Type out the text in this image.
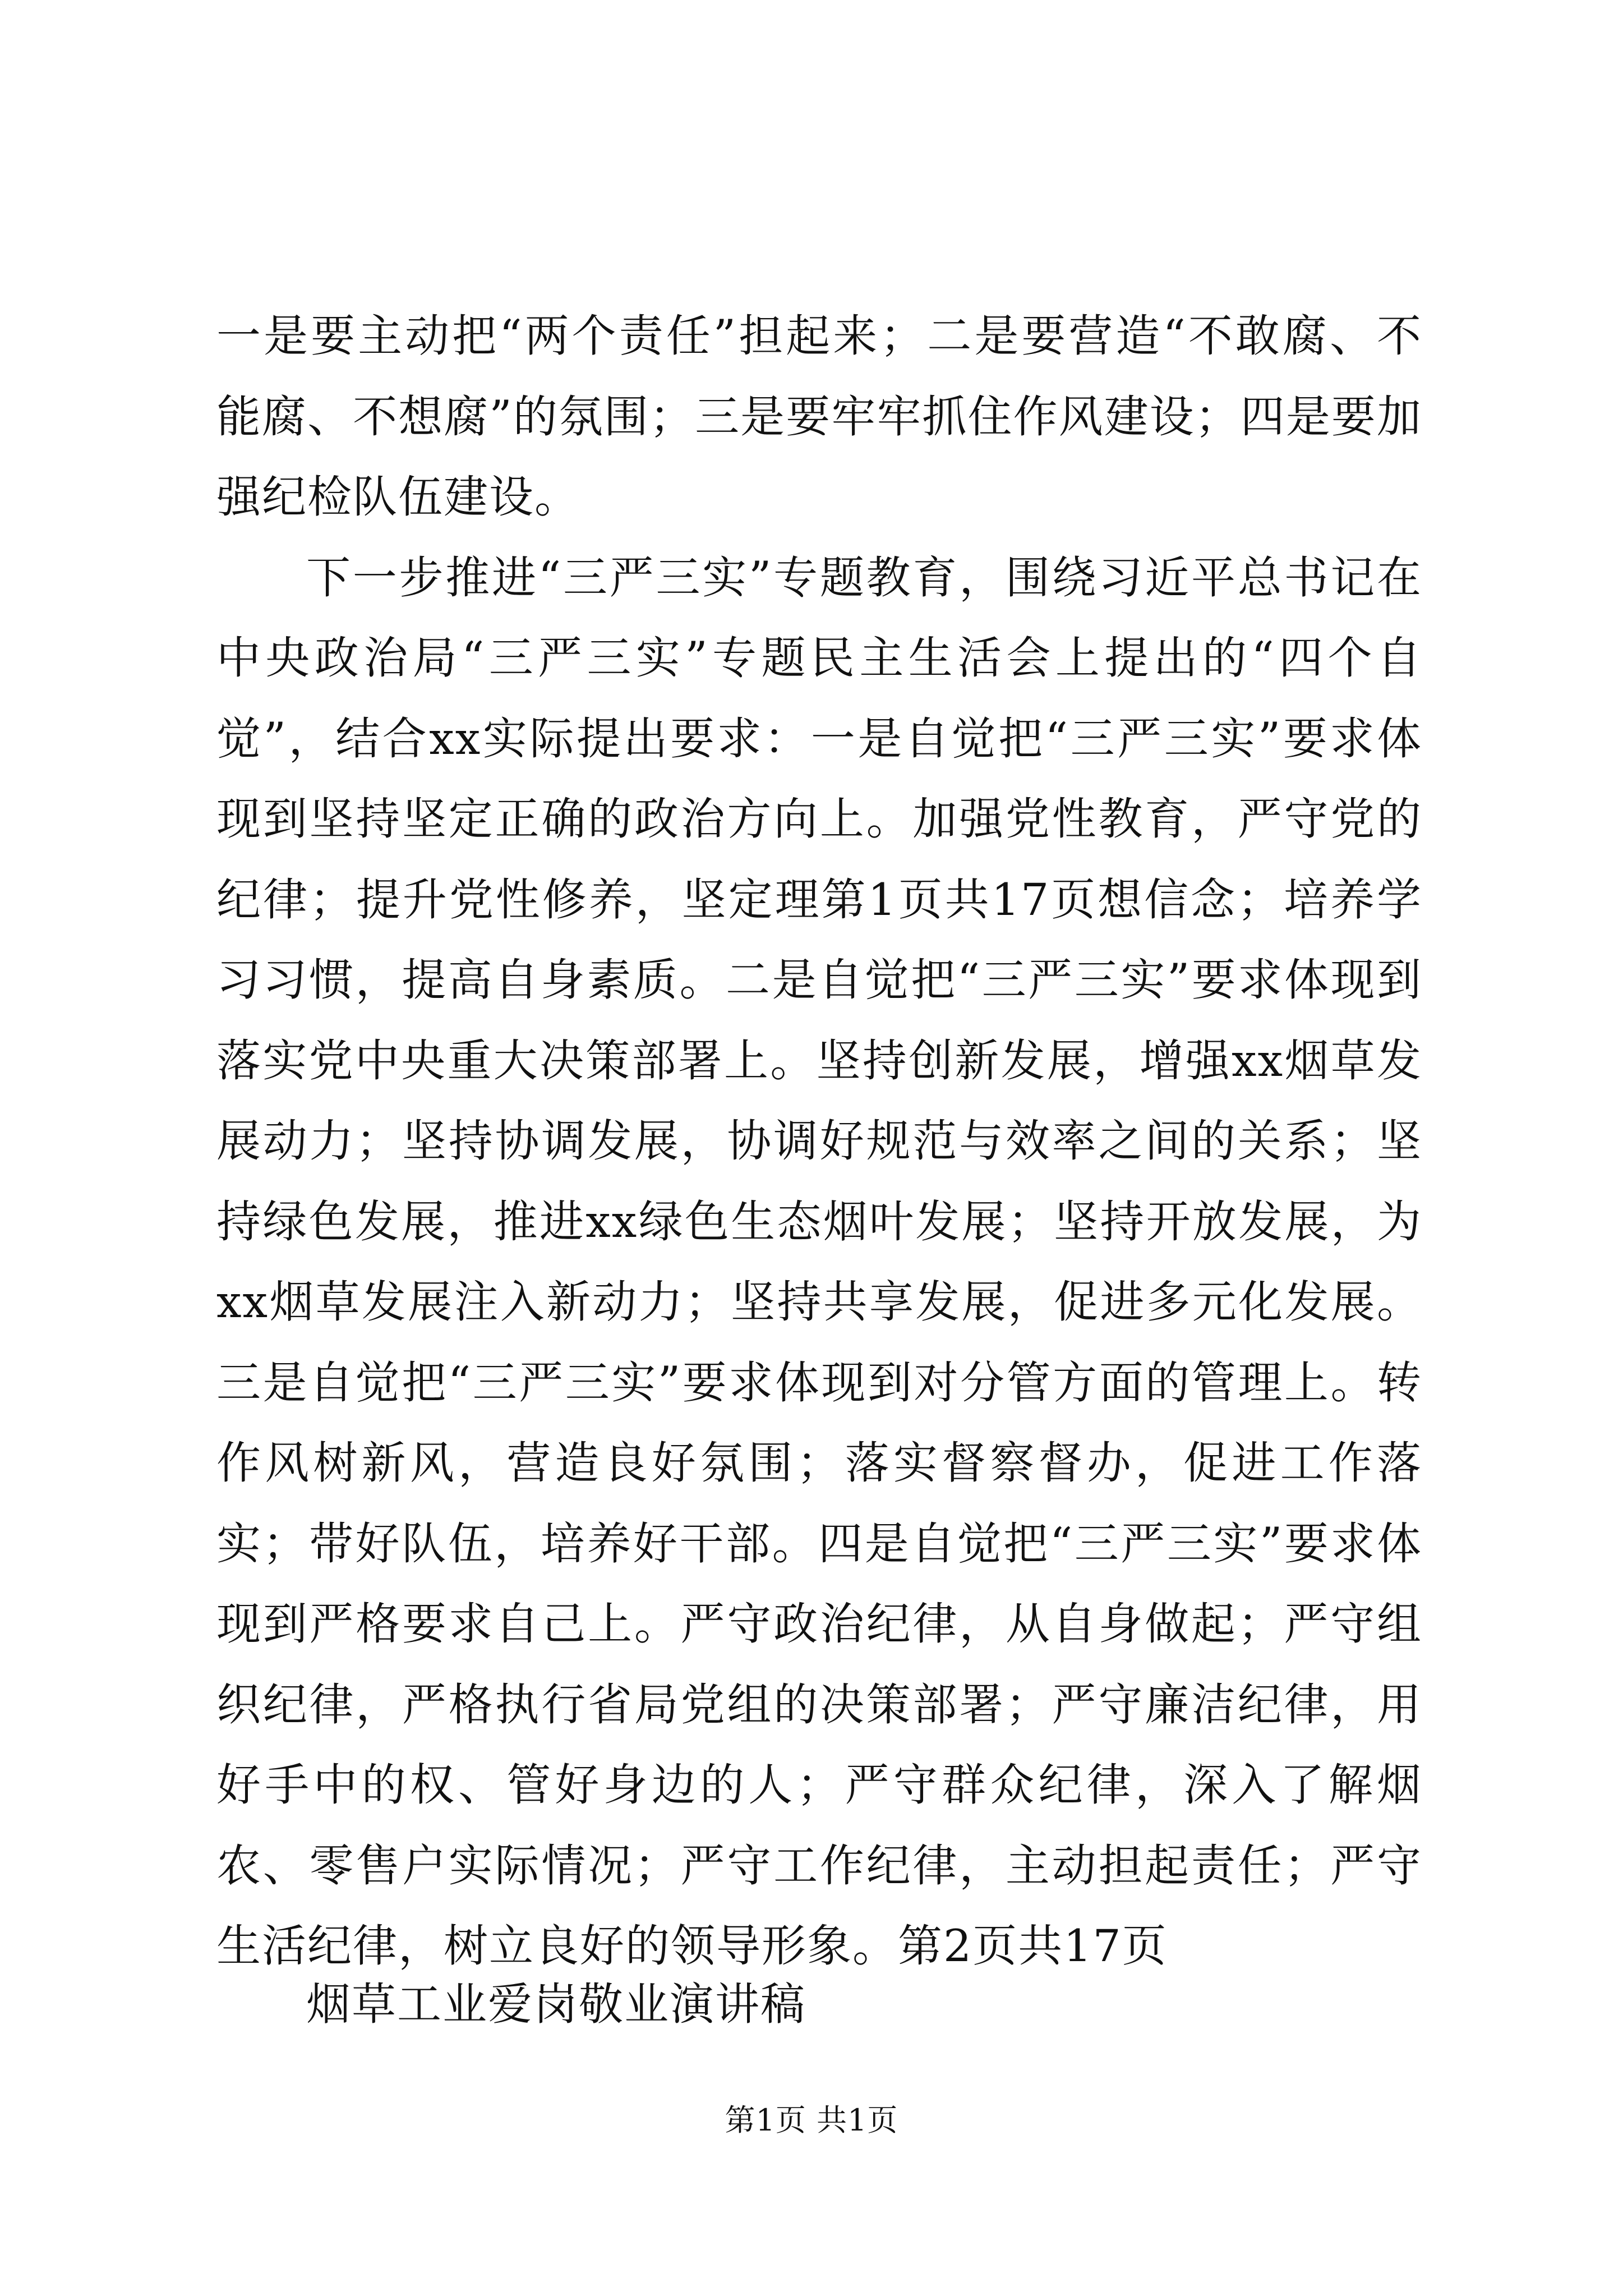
一是要主动把“两个责任”担起来；二是要营造“不敢腐、不能腐、不想腐”的氛围；三是要牢牢抓住作风建设；四是要加强纪检队伍建设。

下一步推进“三严三实”专题教育，围绕习近平总书记在中央政治局“三严三实”专题民主生活会上提出的“四个自觉”，结合xx实际提出要求：一是自觉把“三严三实”要求体现到坚持坚定正确的政治方向上。加强党性教育，严守党的纪律；提升党性修养，坚定理第1页共17页想信念；培养学习习惯，提高自身素质。二是自觉把“三严三实”要求体现到落实党中央重大决策部署上。坚持创新发展，增强xx烟草发展动力；坚持协调发展，协调好规范与效率之间的关系；坚持绿色发展，推进xx绿色生态烟叶发展；坚持开放发展，为xx烟草发展注入新动力；坚持共享发展，促进多元化发展。三是自觉把“三严三实”要求体现到对分管方面的管理上。转作风树新风，营造良好氛围；落实督察督办，促进工作落实；带好队伍，培养好干部。四是自觉把“三严三实”要求体现到严格要求自己上。严守政治纪律，从自身做起；严守组织纪律，严格执行省局党组的决策部署；严守廉洁纪律，用好手中的权、管好身边的人；严守群众纪律，深入了解烟农、零售户实际情况；严守工作纪律，主动担起责任；严守生活纪律，树立良好的领导形象。第2页共17页

烟草工业爱岗敬业演讲稿

第1页 共1页
